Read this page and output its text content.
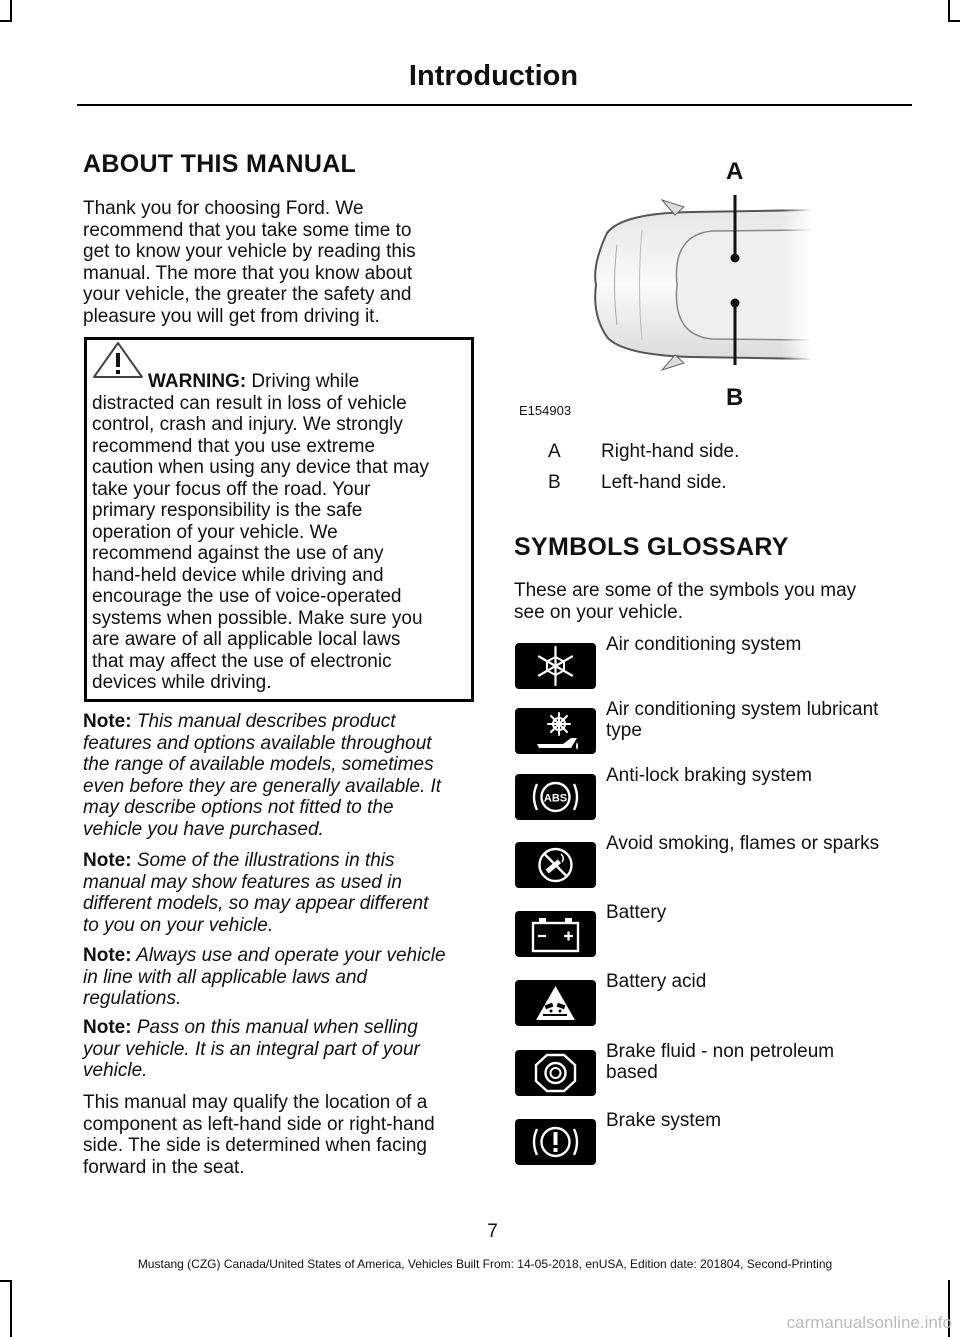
Introduction
ABOUT THIS MANUAL
Thank you for choosing Ford. We
recommend that you take some time to
get to know your vehicle by reading this
manual. The more that you know about
your vehicle, the greater the safety and
pleasure you will get from driving it.
WARNING: Driving while
distracted can result in loss of vehicle
control, crash and injury. We strongly
recommend that you use extreme
caution when using any device that may
take your focus off the road. Your
primary responsibility is the safe
operation of your vehicle. We
recommend against the use of any
hand-held device while driving and
encourage the use of voice-operated
systems when possible. Make sure you
are aware of all applicable local laws
that may affect the use of electronic
devices while driving.
Note: This manual describes product
features and options available throughout
the range of available models, sometimes
even before they are generally available. It
may describe options not fitted to the
vehicle you have purchased.
Note: Some of the illustrations in this
manual may show features as used in
different models, so may appear different
to you on your vehicle.
Note: Always use and operate your vehicle
in line with all applicable laws and
regulations.
Note: Pass on this manual when selling
your vehicle. It is an integral part of your
vehicle.
This manual may qualify the location of a
component as left-hand side or right-hand
side. The side is determined when facing
forward in the seat.
A
B
E154903
A Right-hand side.
B Left-hand side.
SYMBOLS GLOSSARY
These are some of the symbols you may
see on your vehicle.
Air conditioning system
Air conditioning system lubricant
type
ABS
Anti-lock braking system
Avoid smoking, flames or sparks
Battery
Battery acid
Brake fluid - non petroleum
based
Brake system
7
Mustang (CZG) Canada/United States of America, Vehicles Built From: 14-05-2018, enUSA, Edition date: 201804, Second-Printing
carmanualsonline.info
